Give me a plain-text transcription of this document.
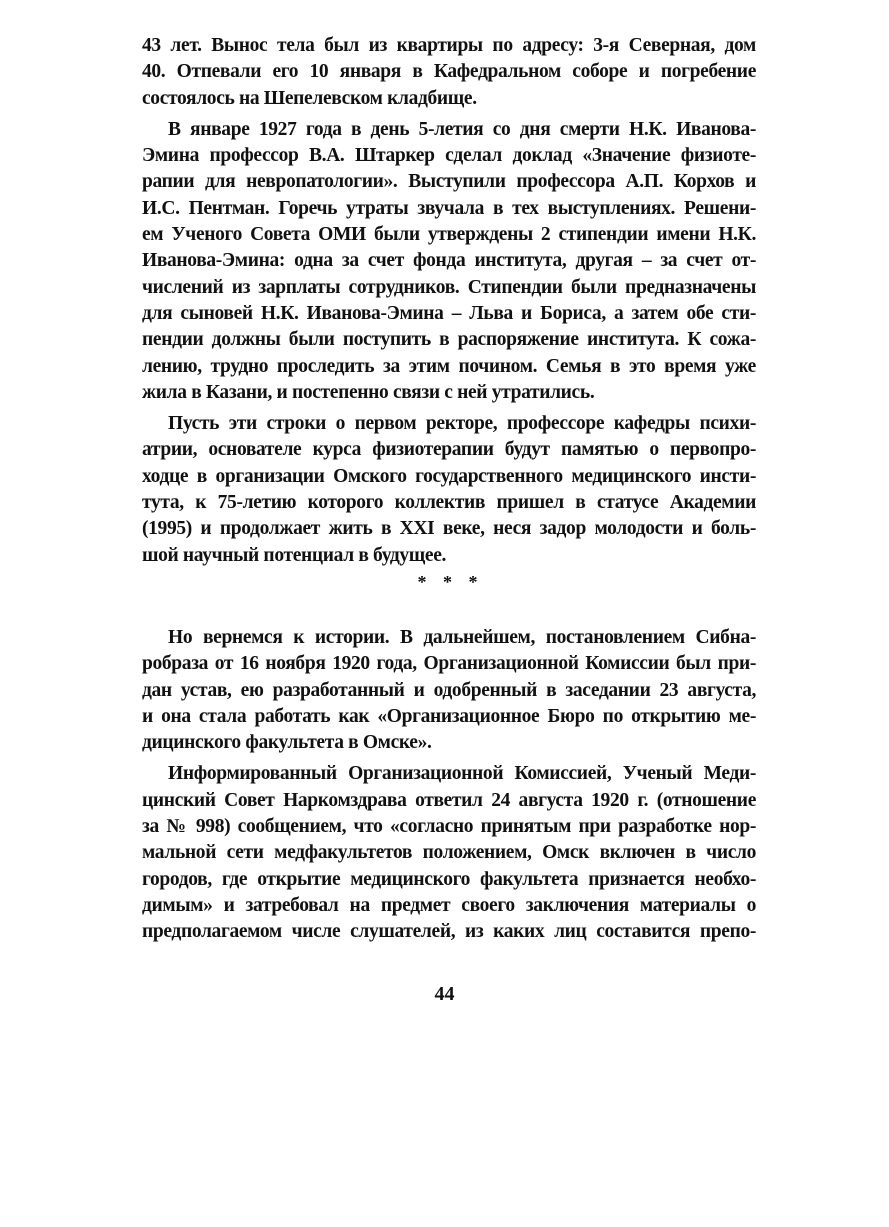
43 лет. Вынос тела был из квартиры по адресу: 3-я Северная, дом
40. Отпевали его 10 января в Кафедральном соборе и погребение
состоялось на Шепелевском кладбище.
В январе 1927 года в день 5-летия со дня смерти Н.К. Иванова-
Эмина профессор В.А. Штаркер сделал доклад «Значение физиоте-
рапии для невропатологии». Выступили профессора А.П. Корхов и
И.С. Пентман. Горечь утраты звучала в тех выступлениях. Решени-
ем Ученого Совета ОМИ были утверждены 2 стипендии имени Н.К.
Иванова-Эмина: одна за счет фонда института, другая – за счет от-
числений из зарплаты сотрудников. Стипендии были предназначены
для сыновей Н.К. Иванова-Эмина – Льва и Бориса, а затем обе сти-
пендии должны были поступить в распоряжение института. К сожа-
лению, трудно проследить за этим почином. Семья в это время уже
жила в Казани, и постепенно связи с ней утратились.
Пусть эти строки о первом ректоре, профессоре кафедры психи-
атрии, основателе курса физиотерапии будут памятью о первопро-
ходце в организации Омского государственного медицинского инсти-
тута, к 75-летию которого коллектив пришел в статусе Академии
(1995) и продолжает жить в XXI веке, неся задор молодости и боль-
шой научный потенциал в будущее.
* * *
Но вернемся к истории. В дальнейшем, постановлением Сибна-
робраза от 16 ноября 1920 года, Организационной Комиссии был при-
дан устав, ею разработанный и одобренный в заседании 23 августа,
и она стала работать как «Организационное Бюро по открытию ме-
дицинского факультета в Омске».
Информированный Организационной Комиссией, Ученый Меди-
цинский Совет Наркомздрава ответил 24 августа 1920 г. (отношение
за № 998) сообщением, что «согласно принятым при разработке нор-
мальной сети медфакультетов положением, Омск включен в число
городов, где открытие медицинского факультета признается необхо-
димым» и затребовал на предмет своего заключения материалы о
предполагаемом числе слушателей, из каких лиц составится препо-
44
